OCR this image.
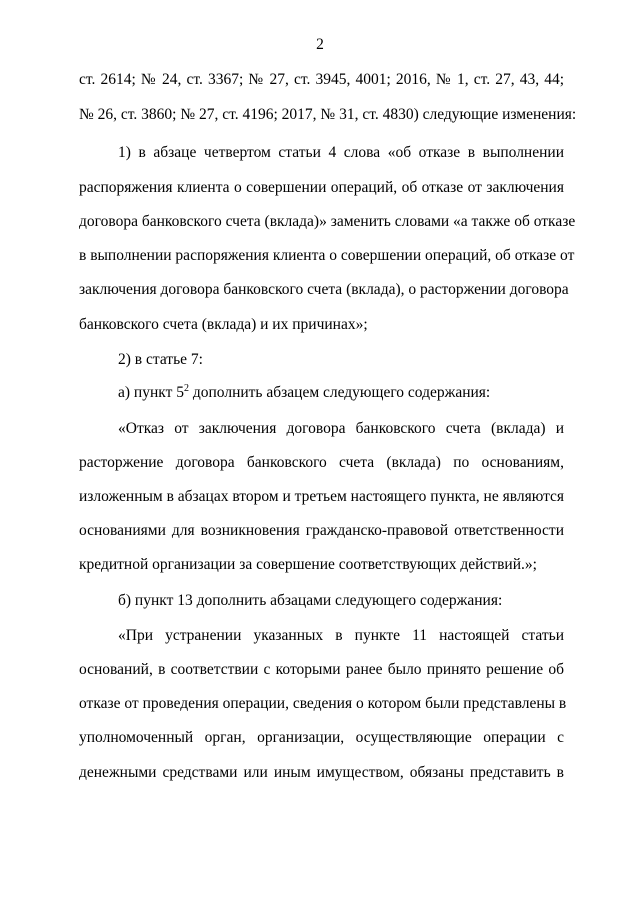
2
ст. 2614; № 24, ст. 3367; № 27, ст. 3945, 4001; 2016, № 1, ст. 27, 43, 44;
№ 26, ст. 3860; № 27, ст. 4196; 2017, № 31, ст. 4830) следующие изменения:
1) в абзаце четвертом статьи 4 слова «об отказе в выполнении
распоряжения клиента о совершении операций, об отказе от заключения
договора банковского счета (вклада)» заменить словами «а также об отказе
в выполнении распоряжения клиента о совершении операций, об отказе от
заключения договора банковского счета (вклада), о расторжении договора
банковского счета (вклада) и их причинах»;
2) в статье 7:
а) пункт $5^2$ дополнить абзацем следующего содержания:
«Отказ от заключения договора банковского счета (вклада) и
расторжение договора банковского счета (вклада) по основаниям,
изложенным в абзацах втором и третьем настоящего пункта, не являются
основаниями для возникновения гражданско-правовой ответственности
кредитной организации за совершение соответствующих действий.»;
б) пункт 13 дополнить абзацами следующего содержания:
«При устранении указанных в пункте 11 настоящей статьи
оснований, в соответствии с которыми ранее было принято решение об
отказе от проведения операции, сведения о котором были представлены в
уполномоченный орган, организации, осуществляющие операции с
денежными средствами или иным имуществом, обязаны представить в
